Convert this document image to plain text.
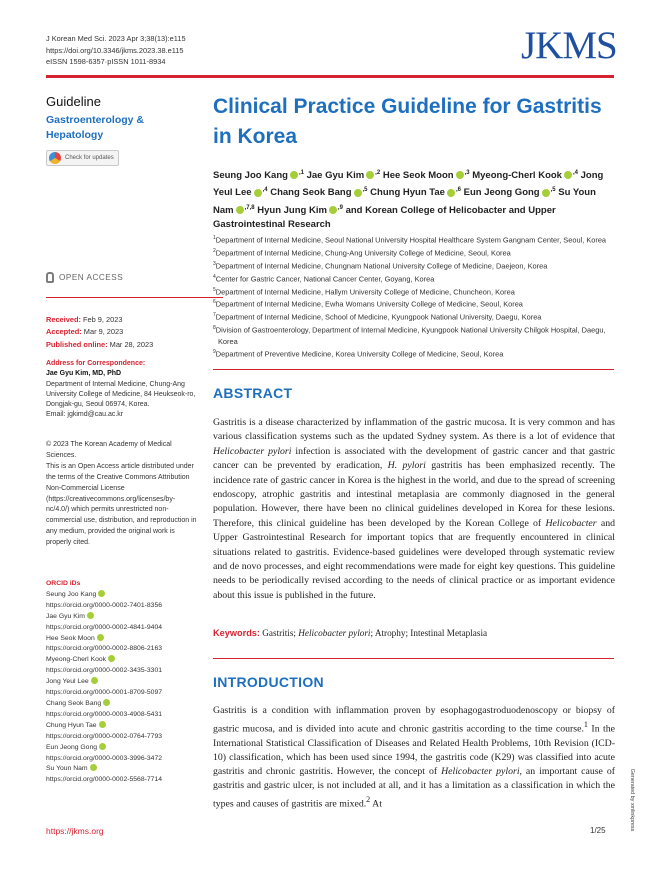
J Korean Med Sci. 2023 Apr 3;38(13):e115
https://doi.org/10.3346/jkms.2023.38.e115
eISSN 1598-6357·pISSN 1011-8934	JKMS
Guideline
Gastroenterology & Hepatology
Check for updates
OPEN ACCESS
Received: Feb 9, 2023
Accepted: Mar 9, 2023
Published online: Mar 28, 2023
Address for Correspondence:
Jae Gyu Kim, MD, PhD
Department of Internal Medicine, Chung-Ang University College of Medicine, 84 Heukseok-ro, Dongjak-gu, Seoul 06974, Korea.
Email: jgkimd@cau.ac.kr
© 2023 The Korean Academy of Medical Sciences.
This is an Open Access article distributed under the terms of the Creative Commons Attribution Non-Commercial License (https://creativecommons.org/licenses/by-nc/4.0/) which permits unrestricted non-commercial use, distribution, and reproduction in any medium, provided the original work is properly cited.
ORCID iDs
Seung Joo Kang
https://orcid.org/0000-0002-7401-8356
Jae Gyu Kim
https://orcid.org/0000-0002-4841-9404
Hee Seok Moon
https://orcid.org/0000-0002-8806-2163
Myeong-Cherl Kook
https://orcid.org/0000-0002-3435-3301
Jong Yeul Lee
https://orcid.org/0000-0001-8709-5097
Chang Seok Bang
https://orcid.org/0000-0003-4908-5431
Chung Hyun Tae
https://orcid.org/0000-0002-0764-7793
Eun Jeong Gong
https://orcid.org/0000-0003-3996-3472
Su Youn Nam
https://orcid.org/0000-0002-5568-7714
Clinical Practice Guideline for Gastritis in Korea
Seung Joo Kang $^{,1}$ Jae Gyu Kim $^{,2}$ Hee Seok Moon $^{,3}$ Myeong-Cherl Kook $^{,4}$ Jong Yeul Lee $^{,4}$ Chang Seok Bang $^{,5}$ Chung Hyun Tae $^{,6}$ Eun Jeong Gong $^{,5}$ Su Youn Nam $^{,7,8}$ Hyun Jung Kim $^{,9}$ and Korean College of Helicobacter and Upper Gastrointestinal Research
$^1$Department of Internal Medicine, Seoul National University Hospital Healthcare System Gangnam Center, Seoul, Korea
$^2$Department of Internal Medicine, Chung-Ang University College of Medicine, Seoul, Korea
$^3$Department of Internal Medicine, Chungnam National University College of Medicine, Daejeon, Korea
$^4$Center for Gastric Cancer, National Cancer Center, Goyang, Korea
$^5$Department of Internal Medicine, Hallym University College of Medicine, Chuncheon, Korea
$^6$Department of Internal Medicine, Ewha Womans University College of Medicine, Seoul, Korea
$^7$Department of Internal Medicine, School of Medicine, Kyungpook National University, Daegu, Korea
$^8$Division of Gastroenterology, Department of Internal Medicine, Kyungpook National University Chilgok Hospital, Daegu, Korea
$^9$Department of Preventive Medicine, Korea University College of Medicine, Seoul, Korea
ABSTRACT
Gastritis is a disease characterized by inflammation of the gastric mucosa. It is very common and has various classification systems such as the updated Sydney system. As there is a lot of evidence that Helicobacter pylori infection is associated with the development of gastric cancer and that gastric cancer can be prevented by eradication, H. pylori gastritis has been emphasized recently. The incidence rate of gastric cancer in Korea is the highest in the world, and due to the spread of screening endoscopy, atrophic gastritis and intestinal metaplasia are commonly diagnosed in the general population. However, there have been no clinical guidelines developed in Korea for these lesions. Therefore, this clinical guideline has been developed by the Korean College of Helicobacter and Upper Gastrointestinal Research for important topics that are frequently encountered in clinical situations related to gastritis. Evidence-based guidelines were developed through systematic review and de novo processes, and eight recommendations were made for eight key questions. This guideline needs to be periodically revised according to the needs of clinical practice or as important evidence about this issue is published in the future.
Keywords: Gastritis; Helicobacter pylori; Atrophy; Intestinal Metaplasia
INTRODUCTION
Gastritis is a condition with inflammation proven by esophagogastroduodenoscopy or biopsy of gastric mucosa, and is divided into acute and chronic gastritis according to the time course.$^1$ In the International Statistical Classification of Diseases and Related Health Problems, 10th Revision (ICD-10) classification, which has been used since 1994, the gastritis code (K29) was classified into acute gastritis and chronic gastritis. However, the concept of Helicobacter pylori, an important cause of gastritis and gastric ulcer, is not included at all, and it has a limitation as a classification in which the types and causes of gastritis are mixed.$^2$ At
https://jkms.org	1/25	Generated by xmlinkpress
